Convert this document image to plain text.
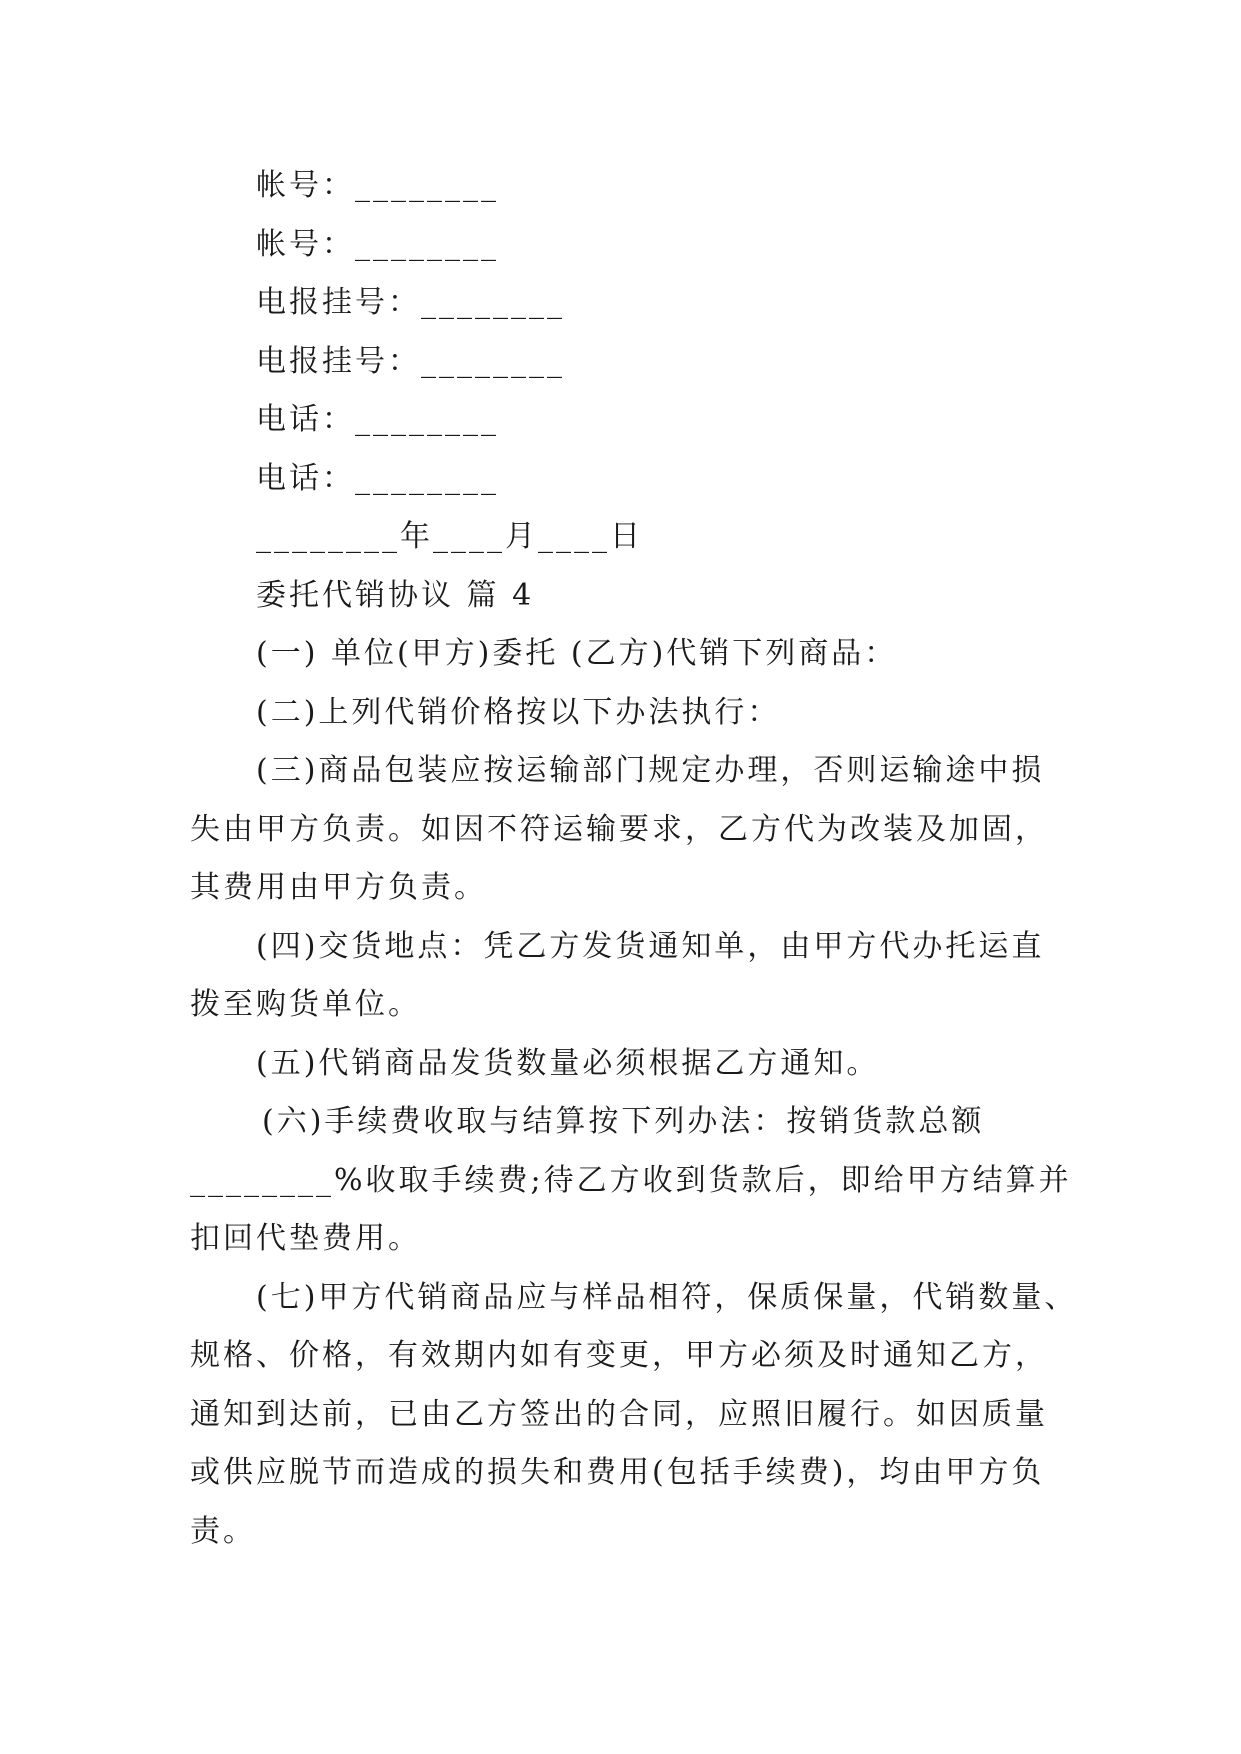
帐号：________
帐号：________
电报挂号：________
电报挂号：________
电话：________
电话：________
________年____月____日
委托代销协议 篇 4
(一) 单位(甲方)委托 (乙方)代销下列商品：
(二)上列代销价格按以下办法执行：
(三)商品包装应按运输部门规定办理，否则运输途中损
失由甲方负责。如因不符运输要求，乙方代为改装及加固，
其费用由甲方负责。
(四)交货地点：凭乙方发货通知单，由甲方代办托运直
拨至购货单位。
(五)代销商品发货数量必须根据乙方通知。
(六)手续费收取与结算按下列办法：按销货款总额
________%收取手续费;待乙方收到货款后，即给甲方结算并
扣回代垫费用。
(七)甲方代销商品应与样品相符，保质保量，代销数量、
规格、价格，有效期内如有变更，甲方必须及时通知乙方，
通知到达前，已由乙方签出的合同，应照旧履行。如因质量
或供应脱节而造成的损失和费用(包括手续费)，均由甲方负
责。
